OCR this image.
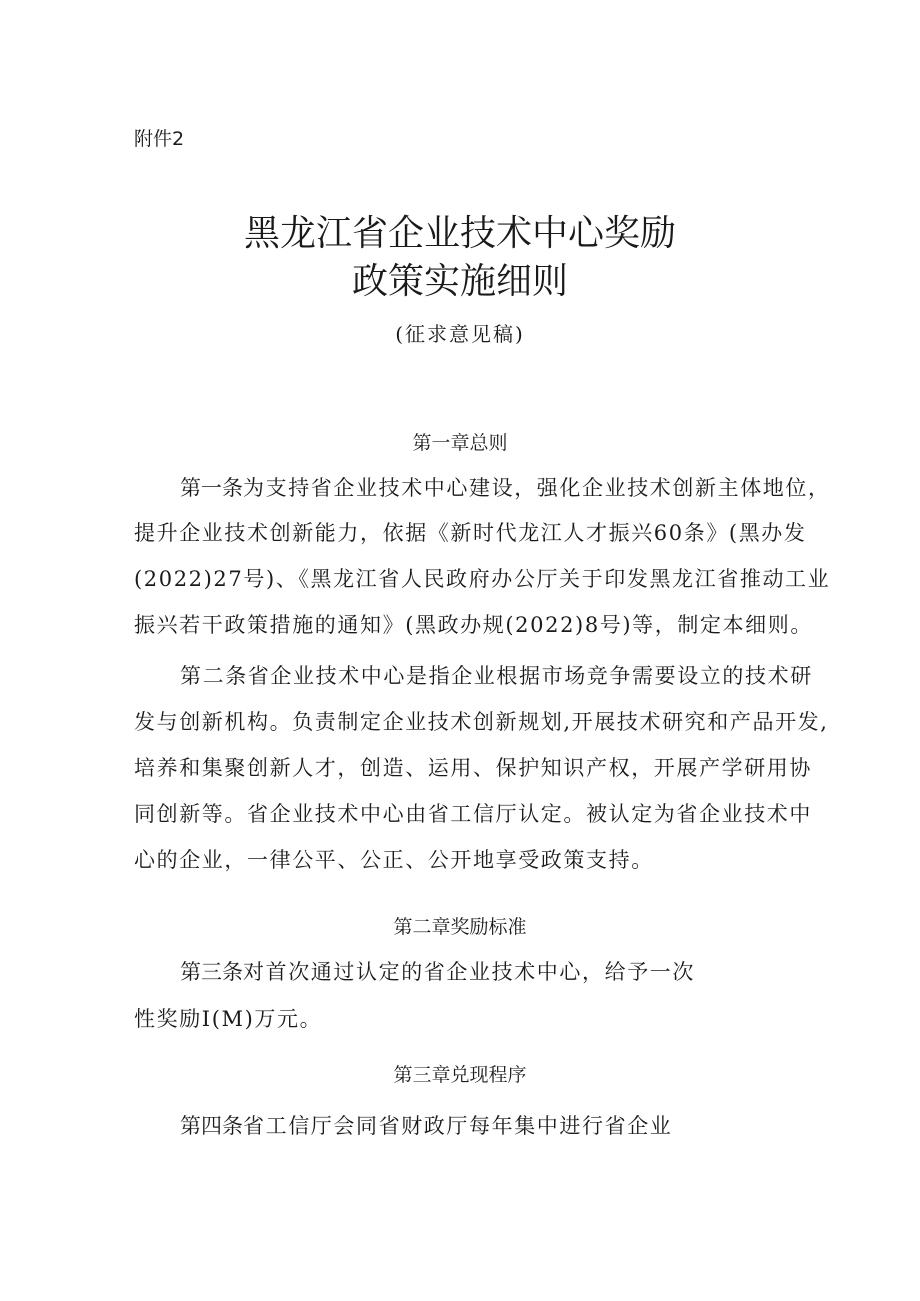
附件2
黑龙江省企业技术中心奖励
政策实施细则
(征求意见稿)
第一章总则
第一条为支持省企业技术中心建设，强化企业技术创新主体地位，
提升企业技术创新能力，依据《新时代龙江人才振兴60条》(黑办发
(2022)27号)、《黑龙江省人民政府办公厅关于印发黑龙江省推动工业
振兴若干政策措施的通知》(黑政办规(2022)8号)等，制定本细则。
第二条省企业技术中心是指企业根据市场竞争需要设立的技术研
发与创新机构。负责制定企业技术创新规划,开展技术研究和产品开发,
培养和集聚创新人才，创造、运用、保护知识产权，开展产学研用协
同创新等。省企业技术中心由省工信厅认定。被认定为省企业技术中
心的企业，一律公平、公正、公开地享受政策支持。
第二章奖励标准
第三条对首次通过认定的省企业技术中心，给予一次
性奖励I(M)万元。
第三章兑现程序
第四条省工信厅会同省财政厅每年集中进行省企业
